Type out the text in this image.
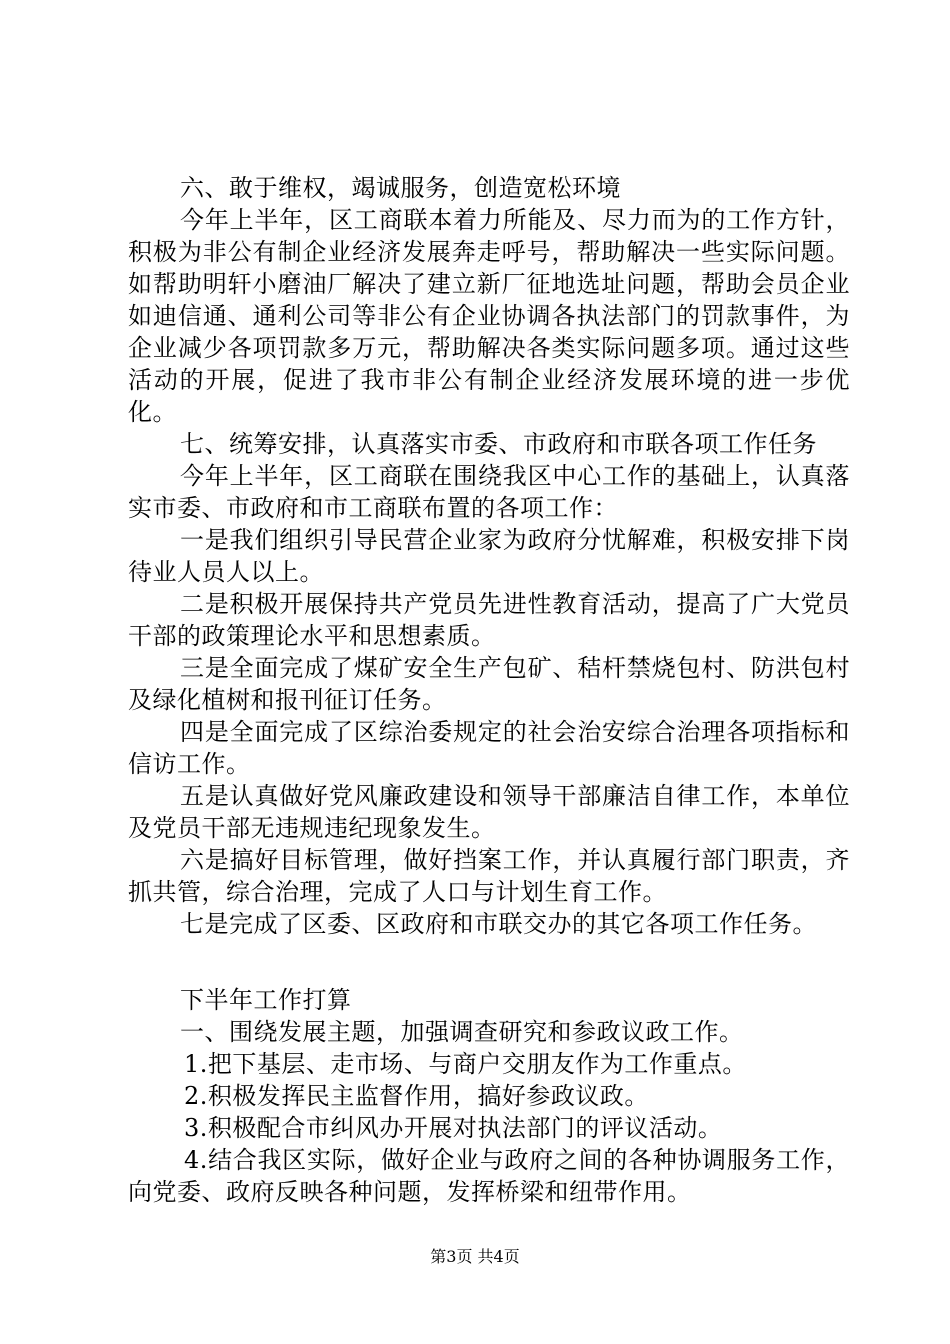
六、敢于维权，竭诚服务，创造宽松环境

今年上半年，区工商联本着力所能及、尽力而为的工作方针，积极为非公有制企业经济发展奔走呼号，帮助解决一些实际问题。如帮助明轩小磨油厂解决了建立新厂征地选址问题，帮助会员企业如迪信通、通利公司等非公有企业协调各执法部门的罚款事件，为企业减少各项罚款多万元，帮助解决各类实际问题多项。通过这些活动的开展，促进了我市非公有制企业经济发展环境的进一步优化。

七、统筹安排，认真落实市委、市政府和市联各项工作任务

今年上半年，区工商联在围绕我区中心工作的基础上，认真落实市委、市政府和市工商联布置的各项工作：

一是我们组织引导民营企业家为政府分忧解难，积极安排下岗待业人员人以上。

二是积极开展保持共产党员先进性教育活动，提高了广大党员干部的政策理论水平和思想素质。

三是全面完成了煤矿安全生产包矿、秸杆禁烧包村、防洪包村及绿化植树和报刊征订任务。

四是全面完成了区综治委规定的社会治安综合治理各项指标和信访工作。

五是认真做好党风廉政建设和领导干部廉洁自律工作，本单位及党员干部无违规违纪现象发生。

六是搞好目标管理，做好挡案工作，并认真履行部门职责，齐抓共管，综合治理，完成了人口与计划生育工作。

七是完成了区委、区政府和市联交办的其它各项工作任务。

下半年工作打算

一、围绕发展主题，加强调查研究和参政议政工作。

1.把下基层、走市场、与商户交朋友作为工作重点。

2.积极发挥民主监督作用，搞好参政议政。

3.积极配合市纠风办开展对执法部门的评议活动。

4.结合我区实际，做好企业与政府之间的各种协调服务工作，向党委、政府反映各种问题，发挥桥梁和纽带作用。

第3页 共4页
